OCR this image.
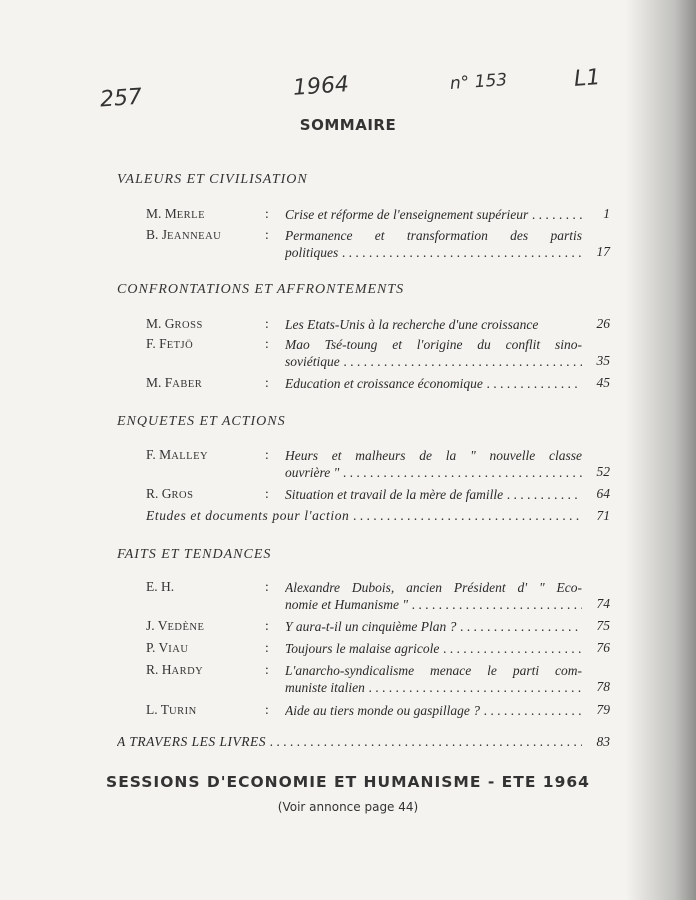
257	1964	n° 153	L1
SOMMAIRE
VALEURS ET CIVILISATION
M. MERLE	: Crise et réforme de l'enseignement supérieur . . .	1
B. JEANNEAU	: Permanence et transformation des partis
politiques . . .	17
CONFRONTATIONS ET AFFRONTEMENTS
M. GROSS	: Les Etats-Unis à la recherche d'une croissance	26
F. FETJÖ	: Mao Tsé-toung et l'origine du conflit sino-
soviétique . . .	35
M. FABER	: Education et croissance économique . . .	45
ENQUETES ET ACTIONS
F. MALLEY	: Heurs et malheurs de la " nouvelle classe
ouvrière " . . .	52
R. GROS	: Situation et travail de la mère de famille . . .	64
Etudes et documents pour l'action . . .	71
FAITS ET TENDANCES
E. H.	: Alexandre Dubois, ancien Président d' " Eco-
nomie et Humanisme " . . .	74
J. VEDÈNE	: Y aura-t-il un cinquième Plan ? . . .	75
P. VIAU	: Toujours le malaise agricole . . .	76
R. HARDY	: L'anarcho-syndicalisme menace le parti com-
muniste italien . . .	78
L. TURIN	: Aide au tiers monde ou gaspillage ? . . .	79
A TRAVERS LES LIVRES . . .	83
SESSIONS D'ECONOMIE ET HUMANISME - ETE 1964
(Voir annonce page 44)
